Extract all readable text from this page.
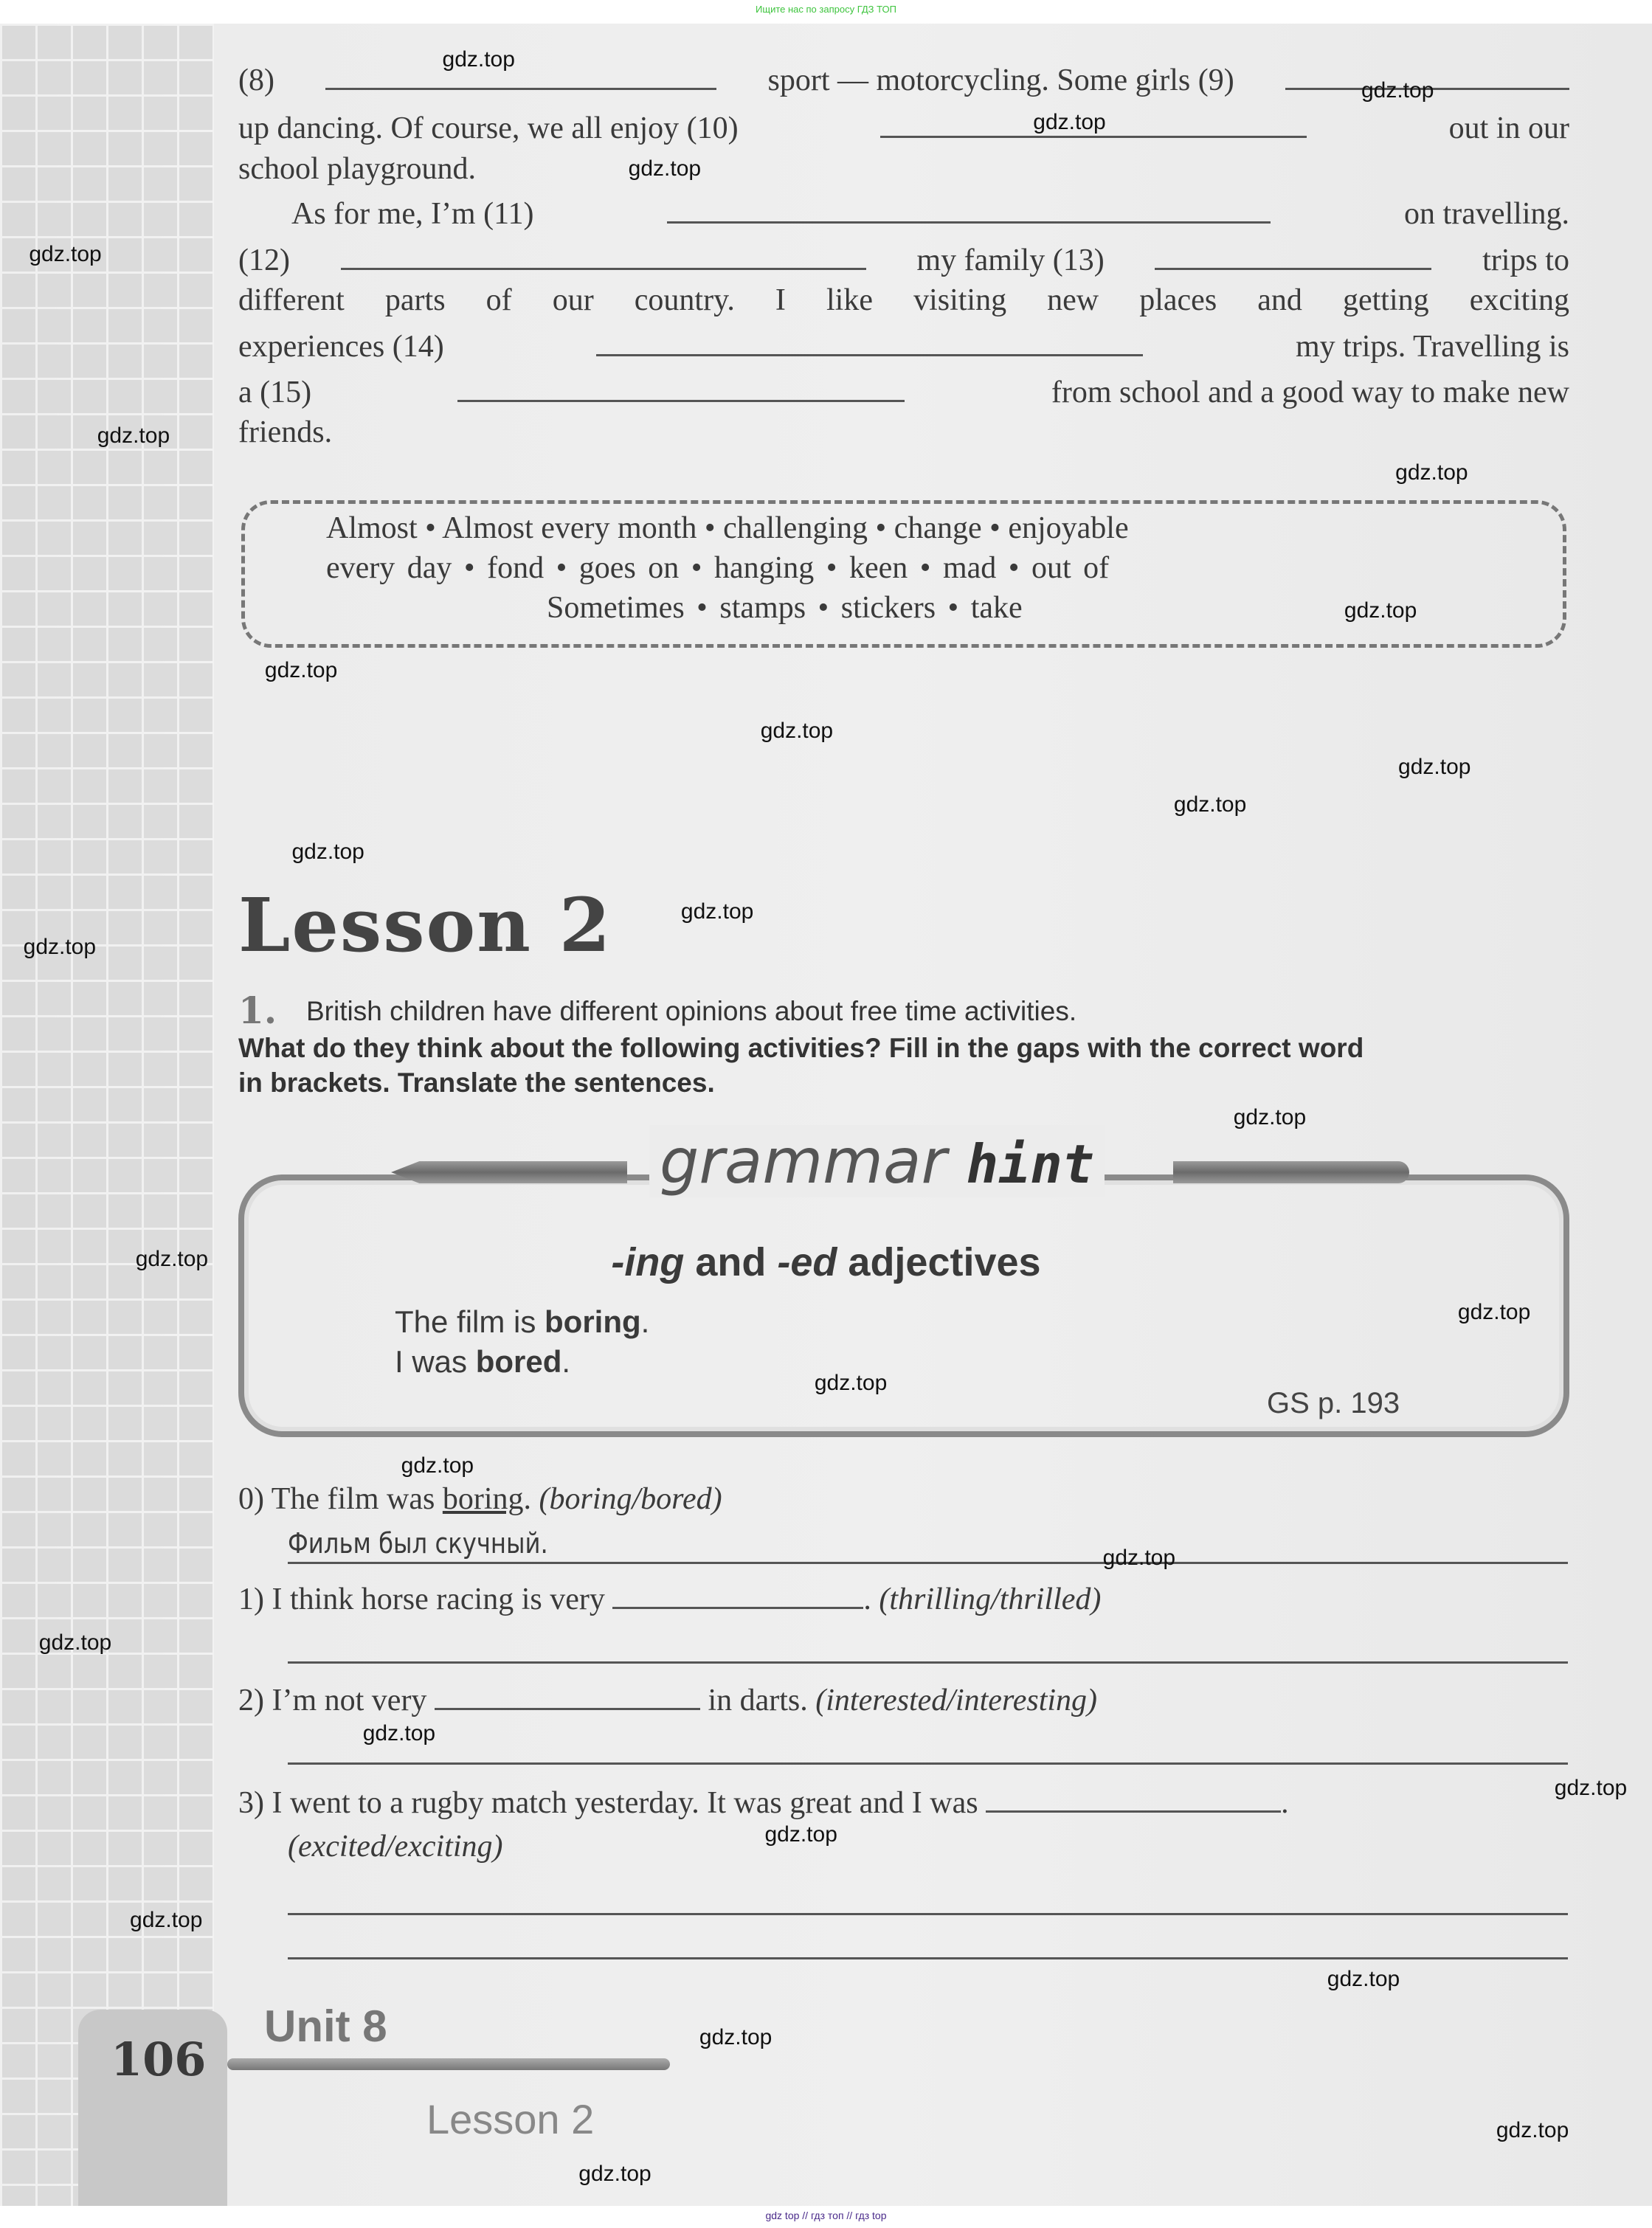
Ищите нас по запросу ГДЗ ТОП
(8)	sport — motorcycling. Some girls (9)
up dancing. Of course, we all enjoy (10)	out in our
school playground.
As for me, I’m (11)	on travelling.
(12)	my family (13)	trips to
different parts of our country. I like visiting new places and getting exciting
experiences (14)	my trips. Travelling is
a (15)	from school and a good way to make new
friends.
Almost • Almost every month • challenging • change • enjoyable
every day • fond • goes on • hanging • keen • mad • out of
Sometimes • stamps • stickers • take
Lesson 2
1. British children have different opinions about free time activities.
What do they think about the following activities? Fill in the gaps with the correct word
in brackets. Translate the sentences.
grammar hint
-ing and -ed adjectives
The film is boring.
I was bored.
GS p. 193
0) The film was boring. (boring/bored)
Фильм был скучный.
1) I think horse racing is very	. (thrilling/thrilled)
2) I’m not very	in darts. (interested/interesting)
3) I went to a rugby match yesterday. It was great and I was	.
(excited/exciting)
106
Unit 8
Lesson 2
gdz top // гдз топ // гдз top
gdz.top
gdz.top
gdz.top
gdz.top
gdz.top
gdz.top
gdz.top
gdz.top
gdz.top
gdz.top
gdz.top
gdz.top
gdz.top
gdz.top
gdz.top
gdz.top
gdz.top
gdz.top
gdz.top
gdz.top
gdz.top
gdz.top
gdz.top
gdz.top
gdz.top
gdz.top
gdz.top
gdz.top
gdz.top
gdz.top
